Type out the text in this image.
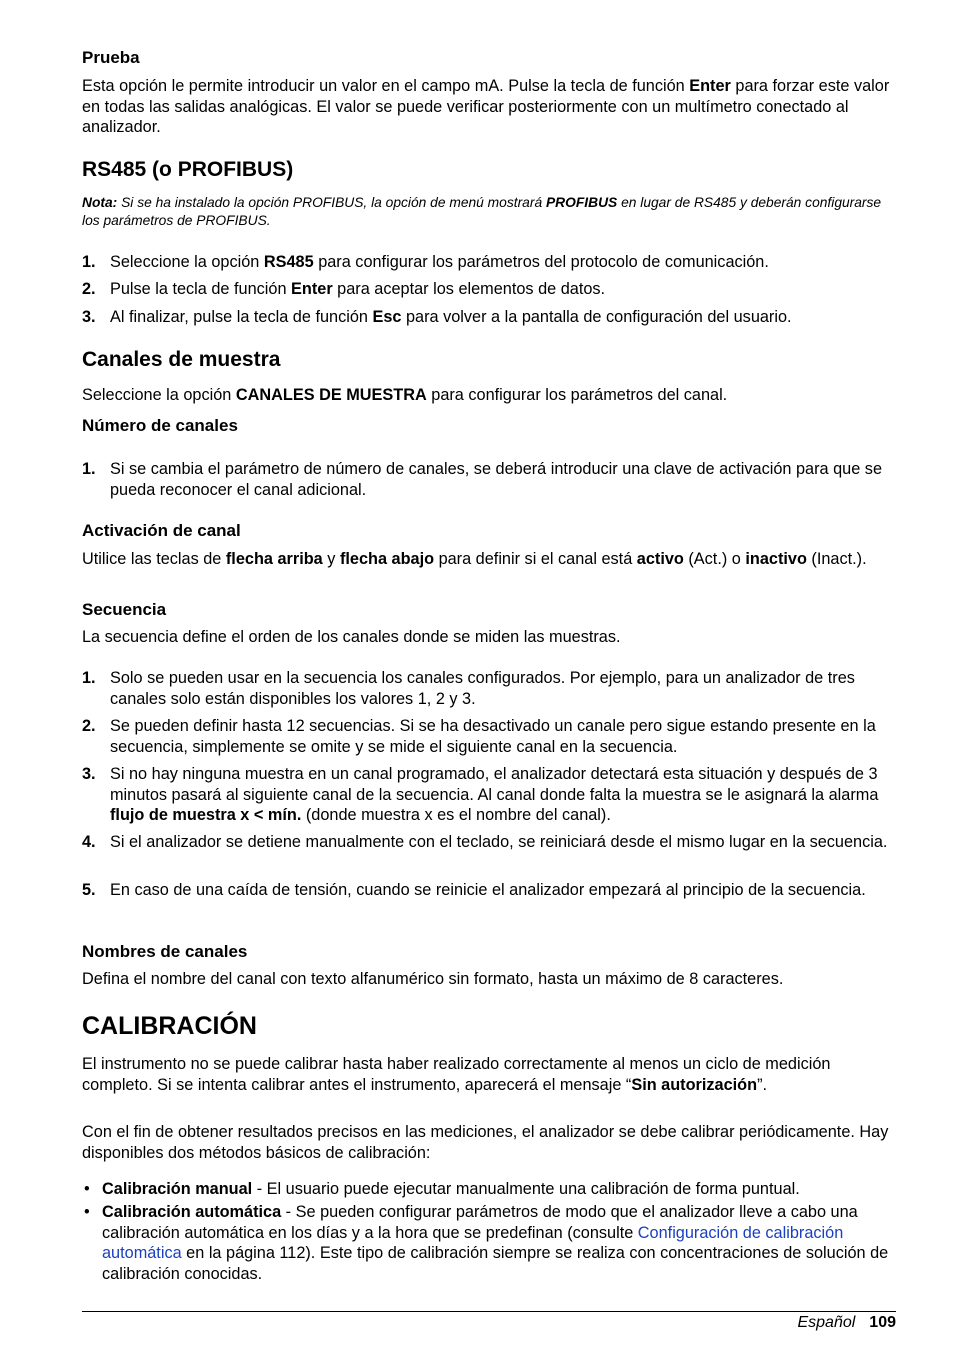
Prueba
Esta opción le permite introducir un valor en el campo mA. Pulse la tecla de función Enter para forzar este valor en todas las salidas analógicas. El valor se puede verificar posteriormente con un multímetro conectado al analizador.
RS485 (o PROFIBUS)
Nota: Si se ha instalado la opción PROFIBUS, la opción de menú mostrará PROFIBUS en lugar de RS485 y deberán configurarse los parámetros de PROFIBUS.
1. Seleccione la opción RS485 para configurar los parámetros del protocolo de comunicación.
2. Pulse la tecla de función Enter para aceptar los elementos de datos.
3. Al finalizar, pulse la tecla de función Esc para volver a la pantalla de configuración del usuario.
Canales de muestra
Seleccione la opción CANALES DE MUESTRA para configurar los parámetros del canal.
Número de canales
1. Si se cambia el parámetro de número de canales, se deberá introducir una clave de activación para que se pueda reconocer el canal adicional.
Activación de canal
Utilice las teclas de flecha arriba y flecha abajo para definir si el canal está activo (Act.) o inactivo (Inact.).
Secuencia
La secuencia define el orden de los canales donde se miden las muestras.
1. Solo se pueden usar en la secuencia los canales configurados. Por ejemplo, para un analizador de tres canales solo están disponibles los valores 1, 2 y 3.
2. Se pueden definir hasta 12 secuencias. Si se ha desactivado un canale pero sigue estando presente en la secuencia, simplemente se omite y se mide el siguiente canal en la secuencia.
3. Si no hay ninguna muestra en un canal programado, el analizador detectará esta situación y después de 3 minutos pasará al siguiente canal de la secuencia. Al canal donde falta la muestra se le asignará la alarma flujo de muestra x < mín. (donde muestra x es el nombre del canal).
4. Si el analizador se detiene manualmente con el teclado, se reiniciará desde el mismo lugar en la secuencia.
5. En caso de una caída de tensión, cuando se reinicie el analizador empezará al principio de la secuencia.
Nombres de canales
Defina el nombre del canal con texto alfanumérico sin formato, hasta un máximo de 8 caracteres.
CALIBRACIÓN
El instrumento no se puede calibrar hasta haber realizado correctamente al menos un ciclo de medición completo. Si se intenta calibrar antes el instrumento, aparecerá el mensaje “Sin autorización”.
Con el fin de obtener resultados precisos en las mediciones, el analizador se debe calibrar periódicamente. Hay disponibles dos métodos básicos de calibración:
• Calibración manual - El usuario puede ejecutar manualmente una calibración de forma puntual.
• Calibración automática - Se pueden configurar parámetros de modo que el analizador lleve a cabo una calibración automática en los días y a la hora que se predefinan (consulte Configuración de calibración automática en la página 112). Este tipo de calibración siempre se realiza con concentraciones de solución de calibración conocidas.
Español 109
